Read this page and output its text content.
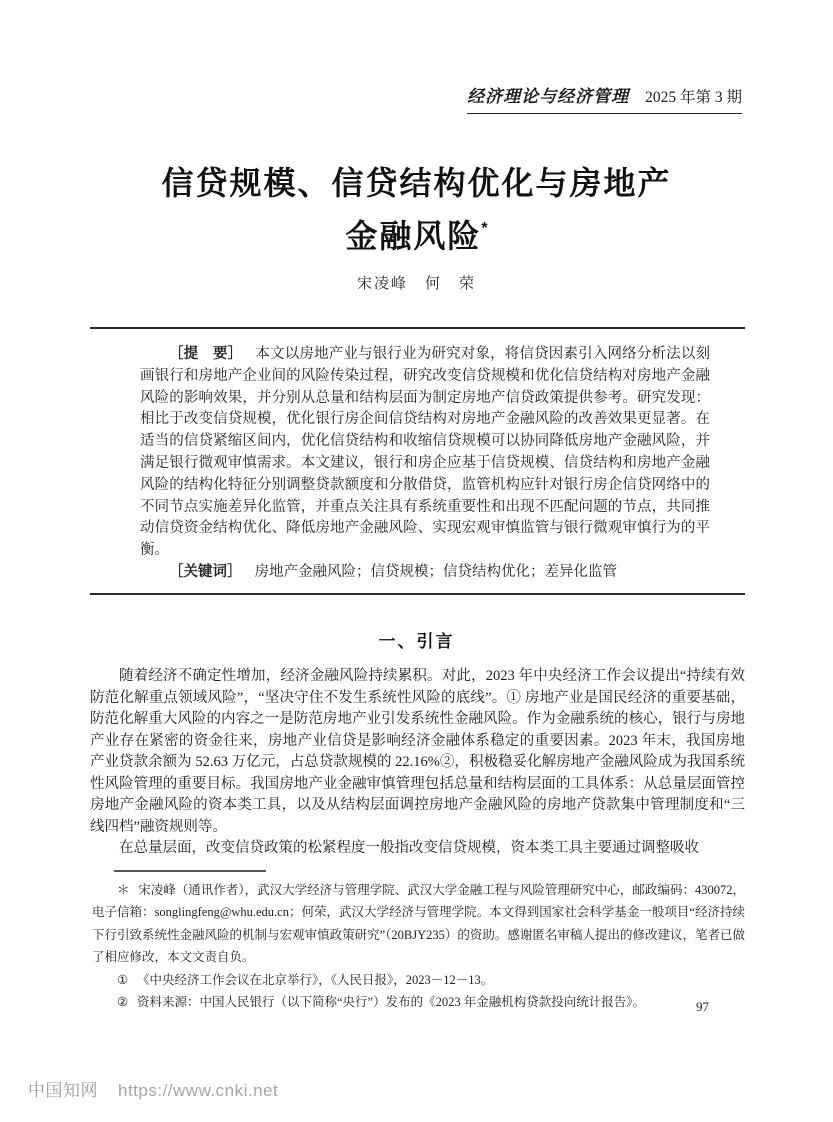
经济理论与经济管理 2025 年第 3 期
信贷规模、信贷结构优化与房地产
金融风险*
宋凌峰　何　荣

［提　要］ 本文以房地产业与银行业为研究对象，将信贷因素引入网络分析法以刻画银行和房地产企业间的风险传染过程，研究改变信贷规模和优化信贷结构对房地产金融风险的影响效果，并分别从总量和结构层面为制定房地产信贷政策提供参考。研究发现：相比于改变信贷规模，优化银行房企间信贷结构对房地产金融风险的改善效果更显著。在适当的信贷紧缩区间内，优化信贷结构和收缩信贷规模可以协同降低房地产金融风险，并满足银行微观审慎需求。本文建议，银行和房企应基于信贷规模、信贷结构和房地产金融风险的结构化特征分别调整贷款额度和分散借贷，监管机构应针对银行房企信贷网络中的不同节点实施差异化监管，并重点关注具有系统重要性和出现不匹配问题的节点，共同推动信贷资金结构优化、降低房地产金融风险、实现宏观审慎监管与银行微观审慎行为的平衡。

［关键词］ 房地产金融风险；信贷规模；信贷结构优化；差异化监管

一、引言

随着经济不确定性增加，经济金融风险持续累积。对此，2023 年中央经济工作会议提出“持续有效防范化解重点领域风险”，“坚决守住不发生系统性风险的底线”。① 房地产业是国民经济的重要基础，防范化解重大风险的内容之一是防范房地产业引发系统性金融风险。作为金融系统的核心，银行与房地产业存在紧密的资金往来，房地产业信贷是影响经济金融体系稳定的重要因素。2023 年末，我国房地产业贷款余额为 52.63 万亿元，占总贷款规模的 22.16%②，积极稳妥化解房地产金融风险成为我国系统性风险管理的重要目标。我国房地产业金融审慎管理包括总量和结构层面的工具体系：从总量层面管控房地产金融风险的资本类工具，以及从结构层面调控房地产金融风险的房地产贷款集中管理制度和“三线四档”融资规则等。

在总量层面，改变信贷政策的松紧程度一般指改变信贷规模，资本类工具主要通过调整吸收

＊ 宋凌峰（通讯作者），武汉大学经济与管理学院、武汉大学金融工程与风险管理研究中心，邮政编码：430072，电子信箱：songlingfeng@whu.edu.cn；何荣，武汉大学经济与管理学院。本文得到国家社会科学基金一般项目“经济持续下行引致系统性金融风险的机制与宏观审慎政策研究”（20BJY235）的资助。感谢匿名审稿人提出的修改建议，笔者已做了相应修改，本文文责自负。

① 《中央经济工作会议在北京举行》，《人民日报》，2023－12－13。

② 资料来源：中国人民银行（以下简称“央行”）发布的《2023 年金融机构贷款投向统计报告》。	97
中国知网 https://www.cnki.net
